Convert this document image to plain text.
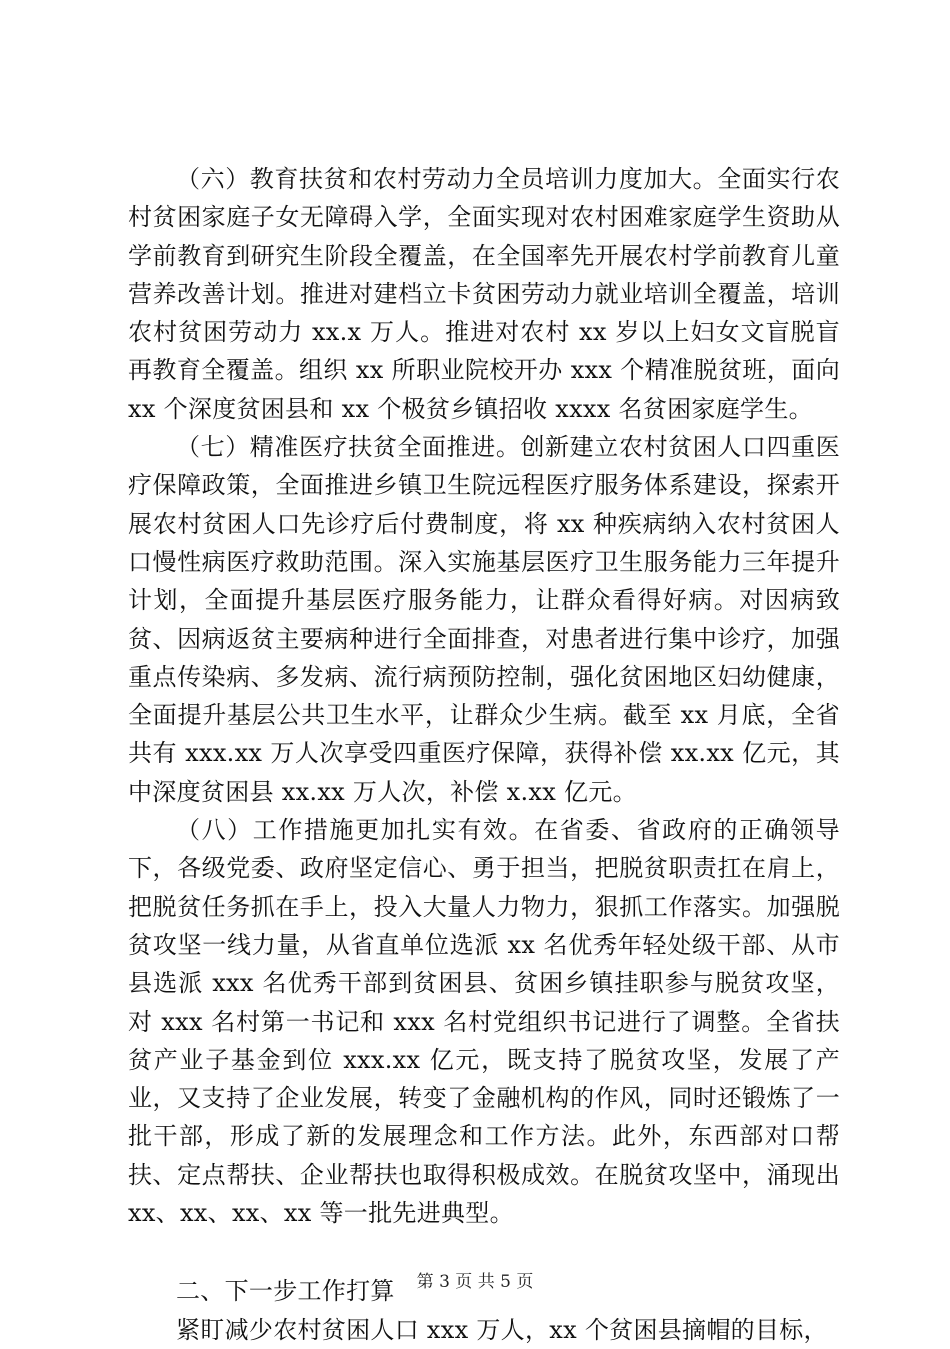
（六）教育扶贫和农村劳动力全员培训力度加大。全面实行农村贫困家庭子女无障碍入学，全面实现对农村困难家庭学生资助从学前教育到研究生阶段全覆盖，在全国率先开展农村学前教育儿童营养改善计划。推进对建档立卡贫困劳动力就业培训全覆盖，培训农村贫困劳动力 xx.x 万人。推进对农村 xx 岁以上妇女文盲脱盲再教育全覆盖。组织 xx 所职业院校开办 xxx 个精准脱贫班，面向 xx 个深度贫困县和 xx 个极贫乡镇招收 xxxx 名贫困家庭学生。

（七）精准医疗扶贫全面推进。创新建立农村贫困人口四重医疗保障政策，全面推进乡镇卫生院远程医疗服务体系建设，探索开展农村贫困人口先诊疗后付费制度，将 xx 种疾病纳入农村贫困人口慢性病医疗救助范围。深入实施基层医疗卫生服务能力三年提升计划，全面提升基层医疗服务能力，让群众看得好病。对因病致贫、因病返贫主要病种进行全面排查，对患者进行集中诊疗，加强重点传染病、多发病、流行病预防控制，强化贫困地区妇幼健康，全面提升基层公共卫生水平，让群众少生病。截至 xx 月底，全省共有 xxx.xx 万人次享受四重医疗保障，获得补偿 xx.xx 亿元，其中深度贫困县 xx.xx 万人次，补偿 x.xx 亿元。

（八）工作措施更加扎实有效。在省委、省政府的正确领导下，各级党委、政府坚定信心、勇于担当，把脱贫职责扛在肩上，把脱贫任务抓在手上，投入大量人力物力，狠抓工作落实。加强脱贫攻坚一线力量，从省直单位选派 xx 名优秀年轻处级干部、从市县选派 xxx 名优秀干部到贫困县、贫困乡镇挂职参与脱贫攻坚，对 xxx 名村第一书记和 xxx 名村党组织书记进行了调整。全省扶贫产业子基金到位 xxx.xx 亿元，既支持了脱贫攻坚，发展了产业，又支持了企业发展，转变了金融机构的作风，同时还锻炼了一批干部，形成了新的发展理念和工作方法。此外，东西部对口帮扶、定点帮扶、企业帮扶也取得积极成效。在脱贫攻坚中，涌现出 xx、xx、xx、xx 等一批先进典型。

二、下一步工作打算

紧盯减少农村贫困人口 xxx 万人，xx 个贫困县摘帽的目标，

第 3 页 共 5 页
